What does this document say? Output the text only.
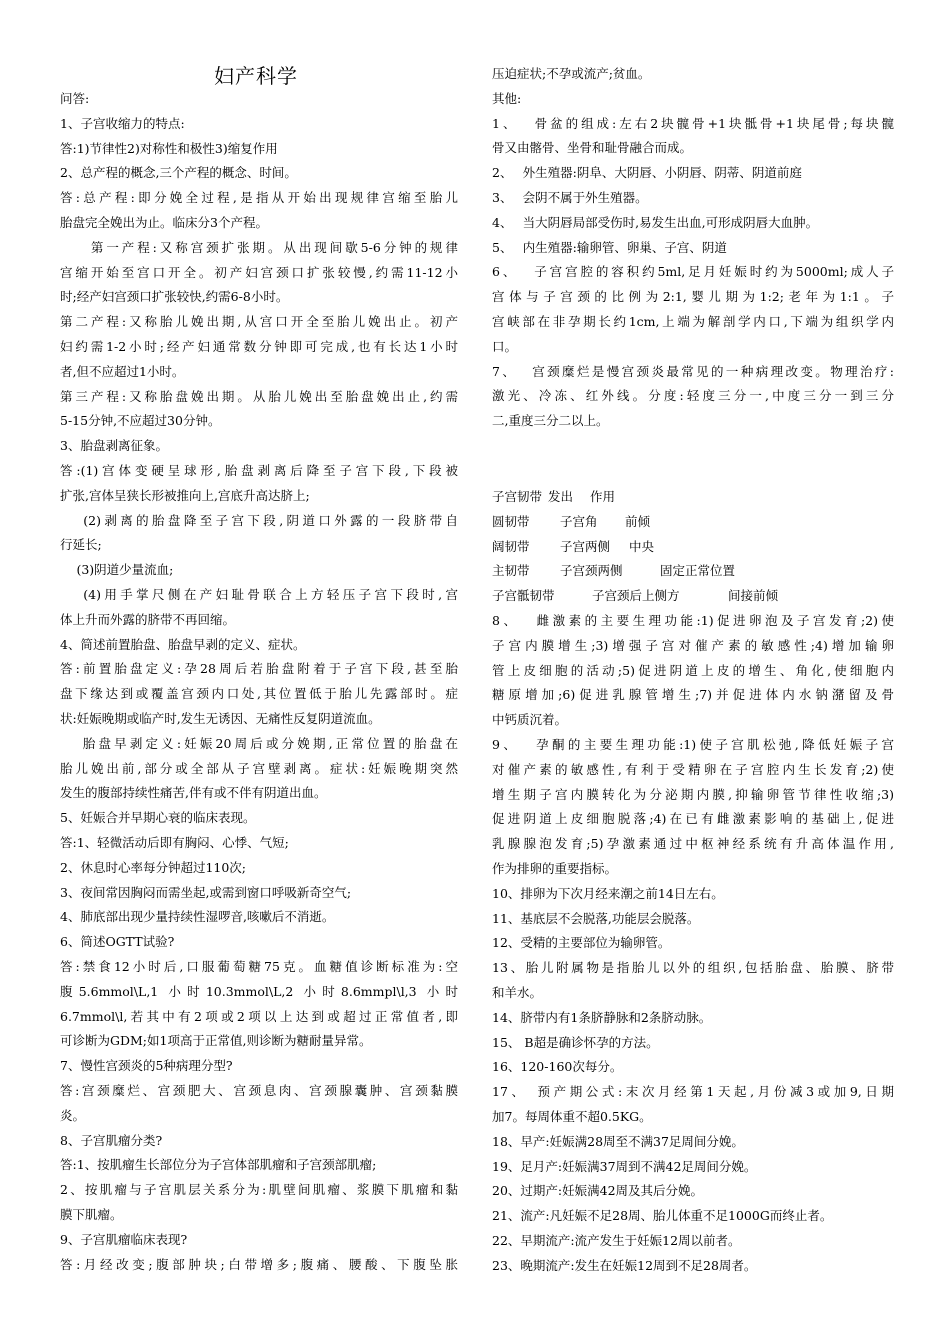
妇产科学
问答:
1、子宫收缩力的特点:
答:1)节律性2)对称性和极性3)缩复作用
2、总产程的概念,三个产程的概念、时间。
答:总产程:即分娩全过程,是指从开始出现规律宫缩至胎儿
胎盘完全娩出为止。临床分3个产程。
　　第一产程:又称宫颈扩张期。从出现间歇5-6分钟的规律
宫缩开始至宫口开全。初产妇宫颈口扩张较慢,约需11-12小
时;经产妇宫颈口扩张较快,约需6-8小时。
第二产程:又称胎儿娩出期,从宫口开全至胎儿娩出止。初产
妇约需1-2小时;经产妇通常数分钟即可完成,也有长达1小时
者,但不应超过1小时。
第三产程:又称胎盘娩出期。从胎儿娩出至胎盘娩出止,约需
5-15分钟,不应超过30分钟。
3、胎盘剥离征象。
答:(1)宫体变硬呈球形,胎盘剥离后降至子宫下段,下段被
扩张,宫体呈狭长形被推向上,宫底升高达脐上;
　 (2)剥离的胎盘降至子宫下段,阴道口外露的一段脐带自
行延长;
　 (3)阴道少量流血;
　 (4)用手掌尺侧在产妇耻骨联合上方轻压子宫下段时,宫
体上升而外露的脐带不再回缩。
4、简述前置胎盘、胎盘早剥的定义、症状。
答:前置胎盘定义:孕28周后若胎盘附着于子宫下段,甚至胎
盘下缘达到或覆盖宫颈内口处,其位置低于胎儿先露部时。症
状:妊娠晚期或临产时,发生无诱因、无痛性反复阴道流血。
　 胎盘早剥定义:妊娠20周后或分娩期,正常位置的胎盘在
胎儿娩出前,部分或全部从子宫壁剥离。症状:妊娠晚期突然
发生的腹部持续性痛苦,伴有或不伴有阴道出血。
5、妊娠合并早期心衰的临床表现。
答:1、轻微活动后即有胸闷、心悸、气短;
2、休息时心率每分钟超过110次;
3、夜间常因胸闷而需坐起,或需到窗口呼吸新奇空气;
4、肺底部出现少量持续性湿啰音,咳嗽后不消逝。
6、简述OGTT试验?
答:禁食12小时后,口服葡萄糖75克。血糖值诊断标准为:空
腹5.6mmol\L,1 小时10.3mmol\L,2 小时8.6mmpl\l,3 小时
6.7mmol\l,若其中有2项或2项以上达到或超过正常值者,即
可诊断为GDM;如1项高于正常值,则诊断为糖耐量异常。
7、慢性宫颈炎的5种病理分型?
答:宫颈糜烂、宫颈肥大、宫颈息肉、宫颈腺囊肿、宫颈黏膜
炎。
8、子宫肌瘤分类?
答:1、按肌瘤生长部位分为子宫体部肌瘤和子宫颈部肌瘤;
2、按肌瘤与子宫肌层关系分为:肌壁间肌瘤、浆膜下肌瘤和黏
膜下肌瘤。
9、子宫肌瘤临床表现?
答:月经改变;腹部肿块;白带增多;腹痛、腰酸、下腹坠胀
压迫症状;不孕或流产;贫血。
其他:
1、　 骨盆的组成:左右2块髋骨+1块骶骨+1块尾骨;每块髋
骨又由髂骨、坐骨和耻骨融合而成。
2、　 外生殖器:阴阜、大阴唇、小阴唇、阴蒂、阴道前庭
3、　 会阴不属于外生殖器。
4、　 当大阴唇局部受伤时,易发生出血,可形成阴唇大血肿。
5、　 内生殖器:输卵管、卵巢、子宫、阴道
6、　 子宫宫腔的容积约5ml,足月妊娠时约为5000ml;成人子
宫体与子宫颈的比例为2:1,婴儿期为1:2;老年为1:1。子
宫峡部在非孕期长约1cm,上端为解剖学内口,下端为组织学内
口。
7、　 宫颈糜烂是慢宫颈炎最常见的一种病理改变。物理治疗:
激光、冷冻、红外线。分度:轻度三分一,中度三分一到三分
二,重度三分二以上。
子宫韧带 发出 作用
圆韧带 子宫角 前倾
阔韧带 子宫两侧 中央
主韧带 子宫颈两侧	固定正常位置
子宫骶韧带	子宫颈后上侧方	间接前倾
8、　 雌激素的主要生理功能:1)促进卵泡及子宫发育;2)使
子宫内膜增生;3)增强子宫对催产素的敏感性;4)增加输卵
管上皮细胞的活动;5)促进阴道上皮的增生、角化,使细胞内
糖原增加;6)促进乳腺管增生;7)并促进体内水钠潴留及骨
中钙质沉着。
9、　 孕酮的主要生理功能:1)使子宫肌松弛,降低妊娠子宫
对催产素的敏感性,有利于受精卵在子宫腔内生长发育;2)使
增生期子宫内膜转化为分泌期内膜,抑输卵管节律性收缩;3)
促进阴道上皮细胞脱落;4)在已有雌激素影响的基础上,促进
乳腺腺泡发育;5)孕激素通过中枢神经系统有升高体温作用,
作为排卵的重要指标。
10、排卵为下次月经来潮之前14日左右。
11、基底层不会脱落,功能层会脱落。
12、受精的主要部位为输卵管。
13、胎儿附属物是指胎儿以外的组织,包括胎盘、胎膜、脐带
和羊水。
14、脐带内有1条脐静脉和2条脐动脉。
15、 B超是确诊怀孕的方法。
16、120-160次每分。
17、　预产期公式:末次月经第1天起,月份减3或加9,日期
加7。每周体重不超0.5KG。
18、早产:妊娠满28周至不满37足周间分娩。
19、足月产:妊娠满37周到不满42足周间分娩。
20、过期产:妊娠满42周及其后分娩。
21、流产:凡妊娠不足28周、胎儿体重不足1000G而终止者。
22、早期流产:流产发生于妊娠12周以前者。
23、晚期流产:发生在妊娠12周到不足28周者。
